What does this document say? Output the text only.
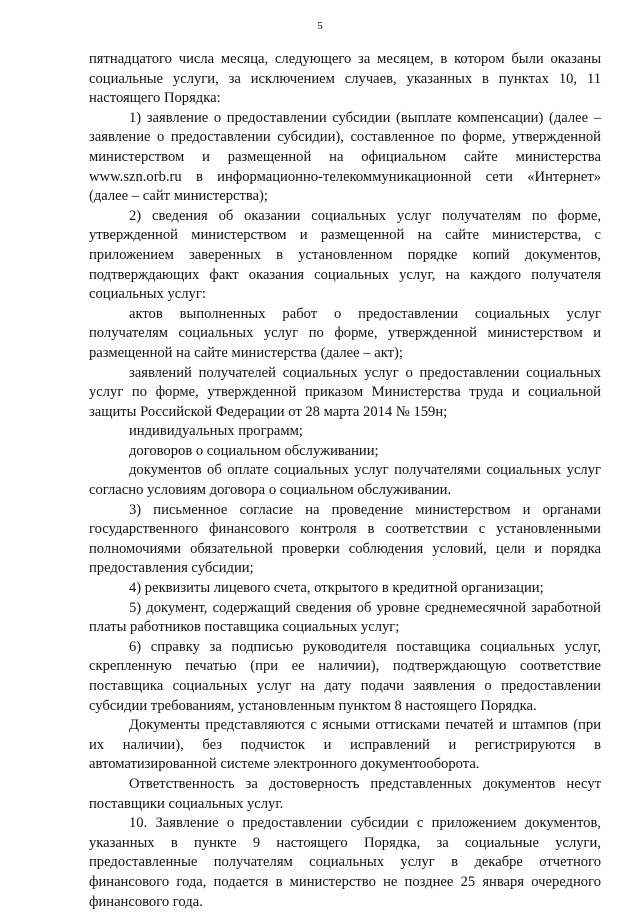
5

пятнадцатого числа месяца, следующего за месяцем, в котором были оказаны социальные услуги, за исключением случаев, указанных в пунктах 10, 11 настоящего Порядка:

1) заявление о предоставлении субсидии (выплате компенсации) (далее – заявление о предоставлении субсидии), составленное по форме, утвержденной министерством и размещенной на официальном сайте министерства www.szn.orb.ru в информационно-телекоммуникационной сети «Интернет» (далее – сайт министерства);

2) сведения об оказании социальных услуг получателям по форме, утвержденной министерством и размещенной на сайте министерства, с приложением заверенных в установленном порядке копий документов, подтверждающих факт оказания социальных услуг, на каждого получателя социальных услуг:

актов выполненных работ о предоставлении социальных услуг получателям социальных услуг по форме, утвержденной министерством и размещенной на сайте министерства (далее – акт);

заявлений получателей социальных услуг о предоставлении социальных услуг по форме, утвержденной приказом Министерства труда и социальной защиты Российской Федерации от 28 марта 2014 № 159н;

индивидуальных программ;

договоров о социальном обслуживании;

документов об оплате социальных услуг получателями социальных услуг согласно условиям договора о социальном обслуживании.

3) письменное согласие на проведение министерством и органами государственного финансового контроля в соответствии с установленными полномочиями обязательной проверки соблюдения условий, цели и порядка предоставления субсидии;

4) реквизиты лицевого счета, открытого в кредитной организации;

5) документ, содержащий сведения об уровне среднемесячной заработной платы работников поставщика социальных услуг;

6) справку за подписью руководителя поставщика социальных услуг, скрепленную печатью (при ее наличии), подтверждающую соответствие поставщика социальных услуг на дату подачи заявления о предоставлении субсидии требованиям, установленным пунктом 8 настоящего Порядка.

Документы представляются с ясными оттисками печатей и штампов (при их наличии), без подчисток и исправлений и регистрируются в автоматизированной системе электронного документооборота.

Ответственность за достоверность представленных документов несут поставщики социальных услуг.

10. Заявление о предоставлении субсидии с приложением документов, указанных в пункте 9 настоящего Порядка, за социальные услуги, предоставленные получателям социальных услуг в декабре отчетного финансового года, подается в министерство не позднее 25 января очередного финансового года.
